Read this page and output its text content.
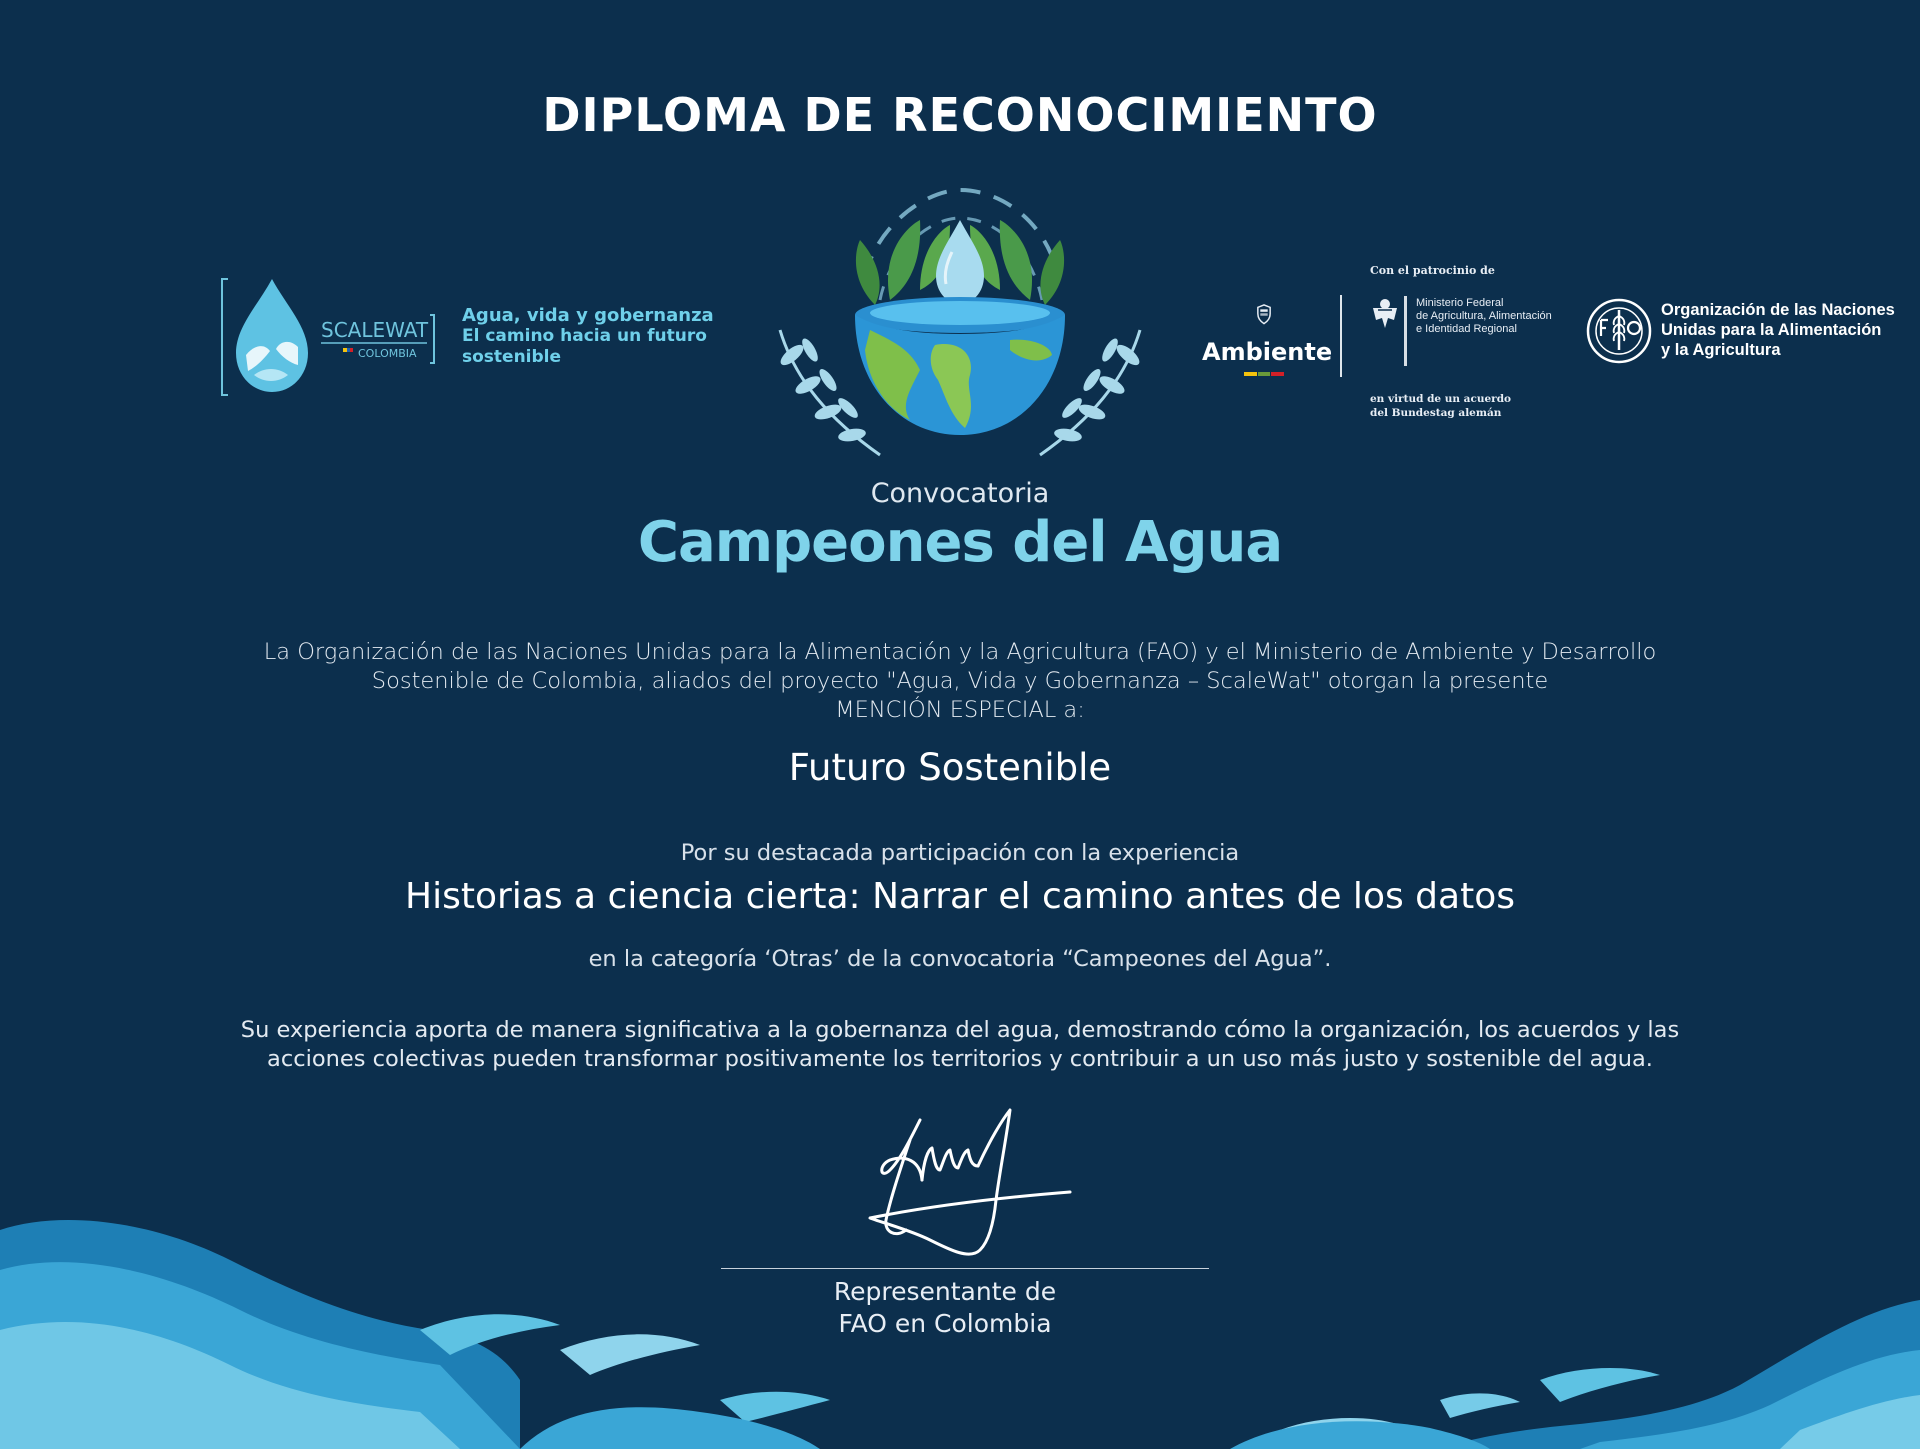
DIPLOMA DE RECONOCIMIENTO
SCALEWAT
COLOMBIA
Agua, vida y gobernanza
El camino hacia un futuro
sostenible
Convocatoria
Campeones del Agua
Ambiente
Con el patrocinio de
Ministerio Federal
de Agricultura, Alimentación
e Identidad Regional
en virtud de un acuerdo
del Bundestag alemán
Organización de las Naciones
Unidas para la Alimentación
y la Agricultura
La Organización de las Naciones Unidas para la Alimentación y la Agricultura (FAO) y el Ministerio de Ambiente y Desarrollo
Sostenible de Colombia, aliados del proyecto "Agua, Vida y Gobernanza – ScaleWat" otorgan la presente
MENCIÓN ESPECIAL a:
Futuro Sostenible
Por su destacada participación con la experiencia
Historias a ciencia cierta: Narrar el camino antes de los datos
en la categoría ‘Otras’ de la convocatoria “Campeones del Agua”.
Su experiencia aporta de manera significativa a la gobernanza del agua, demostrando cómo la organización, los acuerdos y las
acciones colectivas pueden transformar positivamente los territorios y contribuir a un uso más justo y sostenible del agua.
Representante de
FAO en Colombia
